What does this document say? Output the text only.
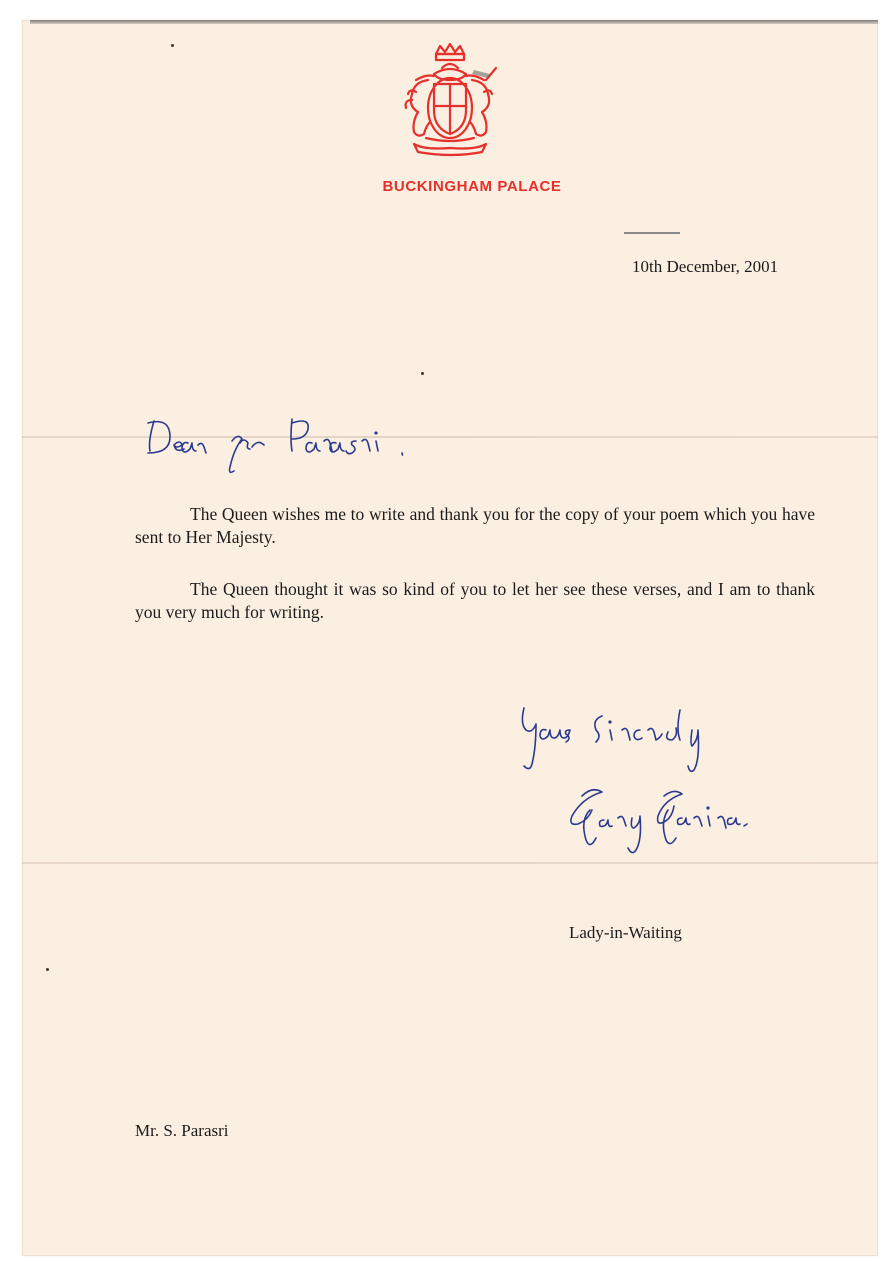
BUCKINGHAM PALACE
10th December, 2001
The Queen wishes me to write and thank you for the copy of your poem which you have sent to Her Majesty.
The Queen thought it was so kind of you to let her see these verses, and I am to thank you very much for writing.
Lady-in-Waiting
Mr. S. Parasri
